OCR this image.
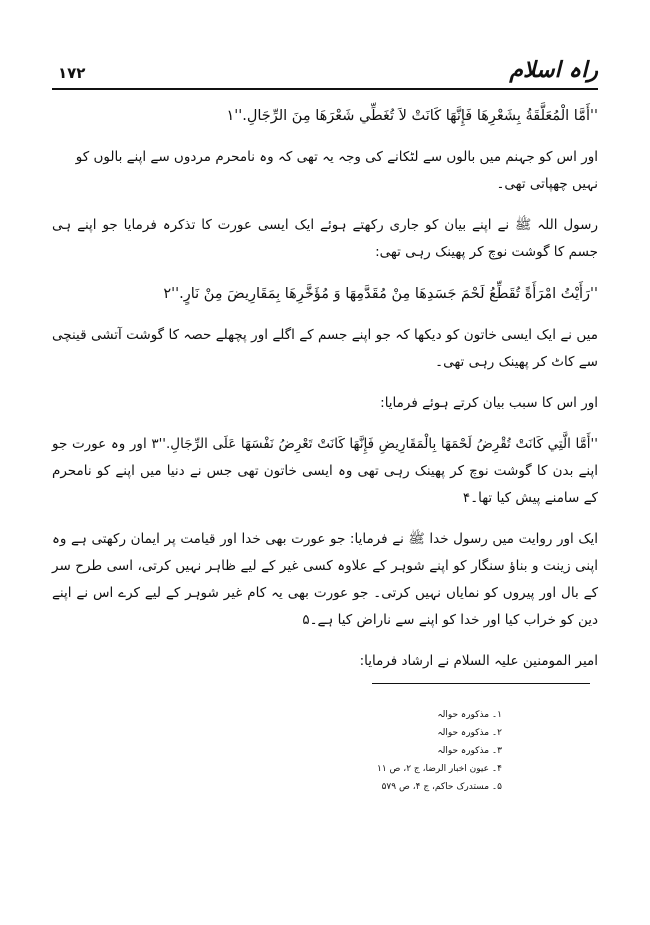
راہ اسلام
۱۷۲

''أَمَّا الْمُعَلَّقَةُ بِشَعْرِهَا فَإِنَّهَا كَانَتْ لاَ تُغَطِّي شَعْرَهَا مِنَ الرِّجَالِ.''۱

اور اس کو جہنم میں بالوں سے لٹکانے کی وجہ یہ تھی کہ وہ نامحرم مردوں سے اپنے بالوں کو نہیں چھپاتی تھی۔

رسول اللہ ﷺ نے اپنے بیان کو جاری رکھتے ہوئے ایک ایسی عورت کا تذکرہ فرمایا جو اپنے ہی جسم کا گوشت نوچ کر پھینک رہی تھی:

''رَأَيْتُ امْرَأَةً تُقَطِّعُ لَحْمَ جَسَدِهَا مِنْ مُقَدَّمِهَا وَ مُؤَخَّرِهَا بِمَقَارِيضَ مِنْ نَارٍ.''۲

میں نے ایک ایسی خاتون کو دیکھا کہ جو اپنے جسم کے اگلے اور پچھلے حصہ کا گوشت آتشی قینچی سے کاٹ کر پھینک رہی تھی۔

اور اس کا سبب بیان کرتے ہوئے فرمایا:

''أَمَّا الَّتِي كَانَتْ تُقْرِضُ لَحْمَهَا بِالْمَقَارِيضِ فَإِنَّهَا كَانَتْ تَعْرِضُ نَفْسَهَا عَلَى الرِّجَالِ.''۳ اور وہ عورت جو اپنے بدن کا گوشت نوچ کر پھینک رہی تھی وہ ایسی خاتون تھی جس نے دنیا میں اپنے کو نامحرم کے سامنے پیش کیا تھا۔۴

ایک اور روایت میں رسول خدا ﷺ نے فرمایا: جو عورت بھی خدا اور قیامت پر ایمان رکھتی ہے وہ اپنی زینت و بناؤ سنگار کو اپنے شوہر کے علاوہ کسی غیر کے لیے ظاہر نہیں کرتی، اسی طرح سر کے بال اور پیروں کو نمایاں نہیں کرتی۔ جو عورت بھی یہ کام غیر شوہر کے لیے کرے اس نے اپنے دین کو خراب کیا اور خدا کو اپنے سے ناراض کیا ہے۔۵

امیر المومنین علیہ السلام نے ارشاد فرمایا:

۱۔ مذکورہ حوالہ
۲۔ مذکورہ حوالہ
۳۔ مذکورہ حوالہ
۴۔ عیون اخبار الرضا، ج ۲، ص ۱۱
۵۔ مستدرک حاکم، ج ۴، ص ۵۷۹
